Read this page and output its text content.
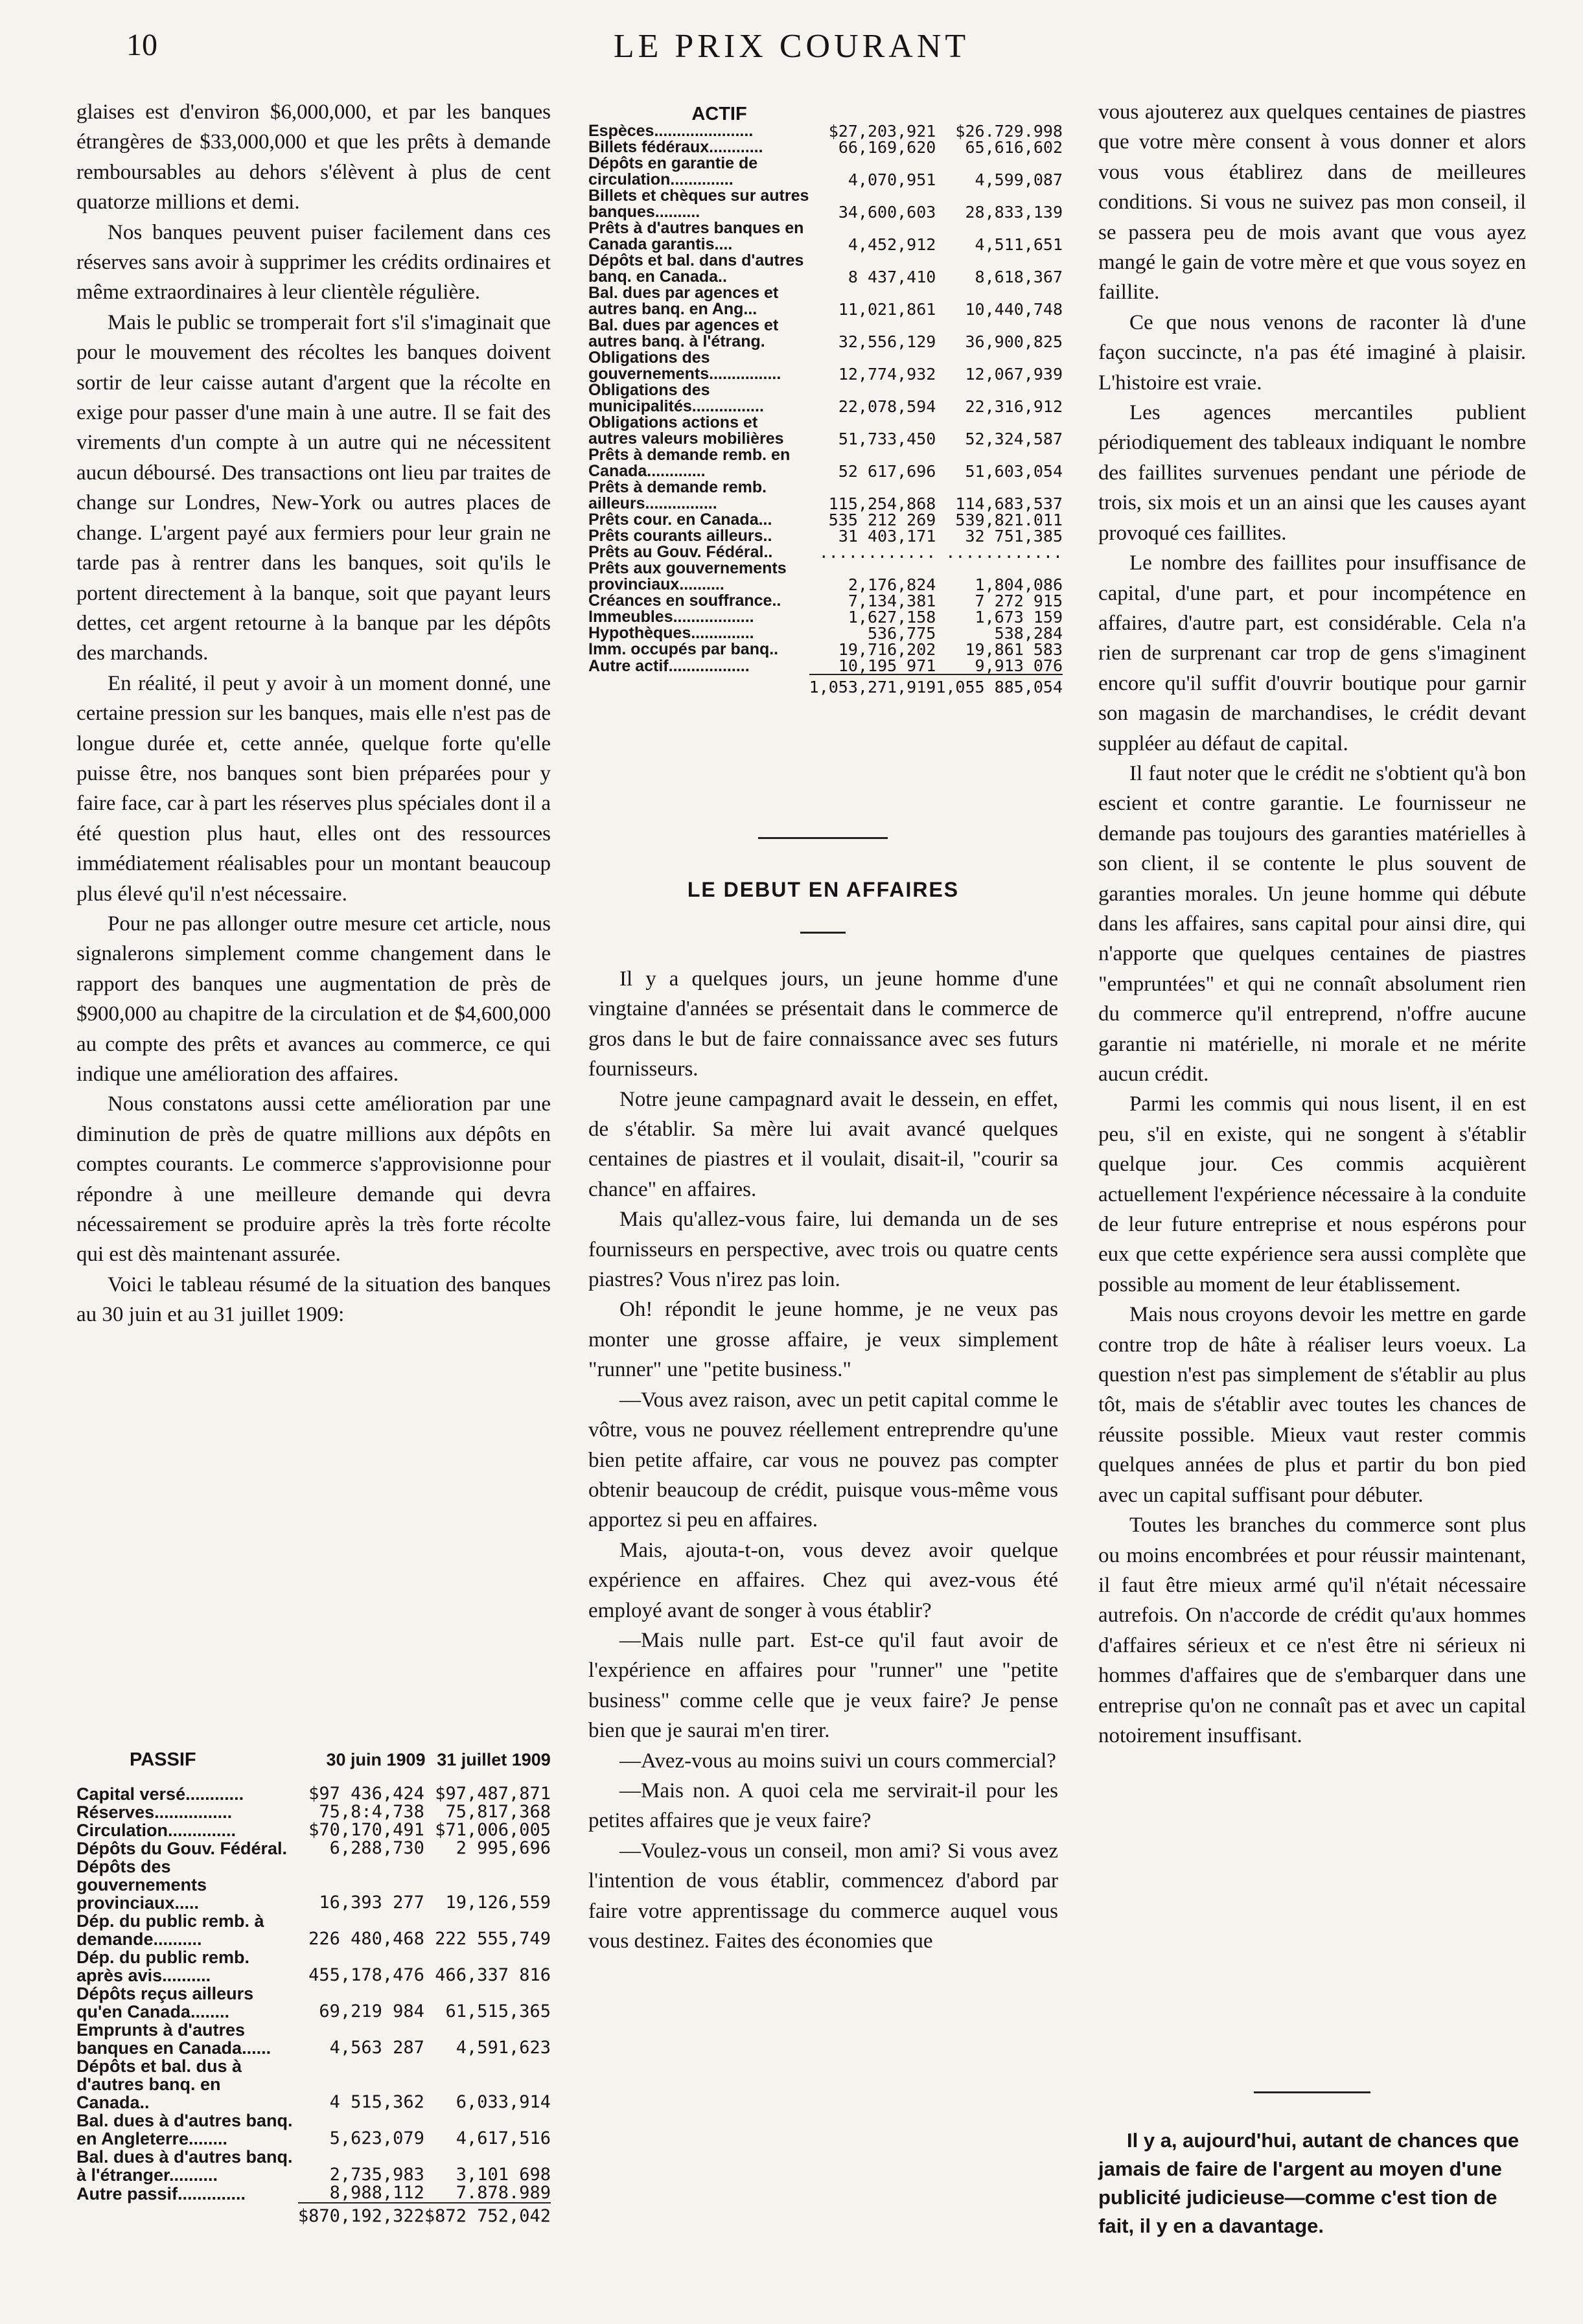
10	LE PRIX COURANT

glaises est d'environ $6,000,000, et par les banques étrangères de $33,000,000 et que les prêts à demande remboursables au dehors s'élèvent à plus de cent quatorze millions et demi.

Nos banques peuvent puiser facilement dans ces réserves sans avoir à supprimer les crédits ordinaires et même extraordinaires à leur clientèle régulière.

Mais le public se tromperait fort s'il s'imaginait que pour le mouvement des récoltes les banques doivent sortir de leur caisse autant d'argent que la récolte en exige pour passer d'une main à une autre. Il se fait des virements d'un compte à un autre qui ne nécessitent aucun déboursé. Des transactions ont lieu par traites de change sur Londres, New-York ou autres places de change. L'argent payé aux fermiers pour leur grain ne tarde pas à rentrer dans les banques, soit qu'ils le portent directement à la banque, soit que payant leurs dettes, cet argent retourne à la banque par les dépôts des marchands.

En réalité, il peut y avoir à un moment donné, une certaine pression sur les banques, mais elle n'est pas de longue durée et, cette année, quelque forte qu'elle puisse être, nos banques sont bien préparées pour y faire face, car à part les réserves plus spéciales dont il a été question plus haut, elles ont des ressources immédiatement réalisables pour un montant beaucoup plus élevé qu'il n'est nécessaire.

Pour ne pas allonger outre mesure cet article, nous signalerons simplement comme changement dans le rapport des banques une augmentation de près de $900,000 au chapitre de la circulation et de $4,600,000 au compte des prêts et avances au commerce, ce qui indique une amélioration des affaires.

Nous constatons aussi cette amélioration par une diminution de près de quatre millions aux dépôts en comptes courants. Le commerce s'approvisionne pour répondre à une meilleure demande qui devra nécessairement se produire après la très forte récolte qui est dès maintenant assurée.

Voici le tableau résumé de la situation des banques au 30 juin et au 31 juillet 1909:

PASSIF	30 juin 1909 31 juillet 1909
Capital versé............	$97 436,424	$97,487,871
Réserves................	75,8:4,738	75,817,368
Circulation..............	$70,170,491	$71,006,005
Dépôts du Gouv. Fédéral.	6,288,730	2 995,696
Dépôts des gouvernements provinciaux.....	16,393 277	19,126,559
Dép. du public remb. à demande..........	226 480,468	222 555,749
Dép. du public remb. après avis..........	455,178,476	466,337 816
Dépôts reçus ailleurs qu'en Canada........	69,219 984	61,515,365
Emprunts à d'autres banques en Canada......	4,563 287	4,591,623
Dépôts et bal. dus à d'autres banq. en Canada..	4 515,362	6,033,914
Bal. dues à d'autres banq. en Angleterre........	5,623,079	4,617,516
Bal. dues à d'autres banq. à l'étranger..........	2,735,983	3,101 698
Autre passif..............	8,988,112	7.878.989
	$870,192,322	$872 752,042
ACTIF
Espèces......................	$27,203,921	$26.729.998
Billets fédéraux............	66,169,620	65,616,602
Dépôts en garantie de circulation..............	4,070,951	4,599,087
Billets et chèques sur autres banques..........	34,600,603	28,833,139
Prêts à d'autres banques en Canada garantis....	4,452,912	4,511,651
Dépôts et bal. dans d'autres banq. en Canada..	8 437,410	8,618,367
Bal. dues par agences et autres banq. en Ang...	11,021,861	10,440,748
Bal. dues par agences et autres banq. à l'étrang.	32,556,129	36,900,825
Obligations des gouvernements................	12,774,932	12,067,939
Obligations des municipalités................	22,078,594	22,316,912
Obligations actions et autres valeurs mobilières	51,733,450	52,324,587
Prêts à demande remb. en Canada.............	52 617,696	51,603,054
Prêts à demande remb. ailleurs................	115,254,868	114,683,537
Prêts cour. en Canada...	535 212 269	539,821.011
Prêts courants ailleurs..	31 403,171	32 751,385
Prêts au Gouv. Fédéral..	............	............
Prêts aux gouvernements provinciaux..........	2,176,824	1,804,086
Créances en souffrance..	7,134,381	7 272 915
Immeubles..................	1,627,158	1,673 159
Hypothèques..............	536,775	538,284
Imm. occupés par banq..	19,716,202	19,861 583
Autre actif..................	10,195 971	9,913 076
	1,053,271,919	1,055 885,054
LE DEBUT EN AFFAIRES

Il y a quelques jours, un jeune homme d'une vingtaine d'années se présentait dans le commerce de gros dans le but de faire connaissance avec ses futurs fournisseurs.

Notre jeune campagnard avait le dessein, en effet, de s'établir. Sa mère lui avait avancé quelques centaines de piastres et il voulait, disait-il, "courir sa chance" en affaires.

Mais qu'allez-vous faire, lui demanda un de ses fournisseurs en perspective, avec trois ou quatre cents piastres? Vous n'irez pas loin.

Oh! répondit le jeune homme, je ne veux pas monter une grosse affaire, je veux simplement "runner" une "petite business."

—Vous avez raison, avec un petit capital comme le vôtre, vous ne pouvez réellement entreprendre qu'une bien petite affaire, car vous ne pouvez pas compter obtenir beaucoup de crédit, puisque vous-même vous apportez si peu en affaires.

Mais, ajouta-t-on, vous devez avoir quelque expérience en affaires. Chez qui avez-vous été employé avant de songer à vous établir?

—Mais nulle part. Est-ce qu'il faut avoir de l'expérience en affaires pour "runner" une "petite business" comme celle que je veux faire? Je pense bien que je saurai m'en tirer.

—Avez-vous au moins suivi un cours commercial?

—Mais non. A quoi cela me servirait-il pour les petites affaires que je veux faire?

—Voulez-vous un conseil, mon ami? Si vous avez l'intention de vous établir, commencez d'abord par faire votre apprentissage du commerce auquel vous vous destinez. Faites des économies que

vous ajouterez aux quelques centaines de piastres que votre mère consent à vous donner et alors vous vous établirez dans de meilleures conditions. Si vous ne suivez pas mon conseil, il se passera peu de mois avant que vous ayez mangé le gain de votre mère et que vous soyez en faillite.

Ce que nous venons de raconter là d'une façon succincte, n'a pas été imaginé à plaisir. L'histoire est vraie.

Les agences mercantiles publient périodiquement des tableaux indiquant le nombre des faillites survenues pendant une période de trois, six mois et un an ainsi que les causes ayant provoqué ces faillites.

Le nombre des faillites pour insuffisance de capital, d'une part, et pour incompétence en affaires, d'autre part, est considérable. Cela n'a rien de surprenant car trop de gens s'imaginent encore qu'il suffit d'ouvrir boutique pour garnir son magasin de marchandises, le crédit devant suppléer au défaut de capital.

Il faut noter que le crédit ne s'obtient qu'à bon escient et contre garantie. Le fournisseur ne demande pas toujours des garanties matérielles à son client, il se contente le plus souvent de garanties morales. Un jeune homme qui débute dans les affaires, sans capital pour ainsi dire, qui n'apporte que quelques centaines de piastres "empruntées" et qui ne connaît absolument rien du commerce qu'il entreprend, n'offre aucune garantie ni matérielle, ni morale et ne mérite aucun crédit.

Parmi les commis qui nous lisent, il en est peu, s'il en existe, qui ne songent à s'établir quelque jour. Ces commis acquièrent actuellement l'expérience nécessaire à la conduite de leur future entreprise et nous espérons pour eux que cette expérience sera aussi complète que possible au moment de leur établissement.

Mais nous croyons devoir les mettre en garde contre trop de hâte à réaliser leurs voeux. La question n'est pas simplement de s'établir au plus tôt, mais de s'établir avec toutes les chances de réussite possible. Mieux vaut rester commis quelques années de plus et partir du bon pied avec un capital suffisant pour débuter.

Toutes les branches du commerce sont plus ou moins encombrées et pour réussir maintenant, il faut être mieux armé qu'il n'était nécessaire autrefois. On n'accorde de crédit qu'aux hommes d'affaires sérieux et ce n'est être ni sérieux ni hommes d'affaires que de s'embarquer dans une entreprise qu'on ne connaît pas et avec un capital notoirement insuffisant.

Il y a, aujourd'hui, autant de chances que jamais de faire de l'argent au moyen d'une publicité judicieuse—comme c'est tion de fait, il y en a davantage.
